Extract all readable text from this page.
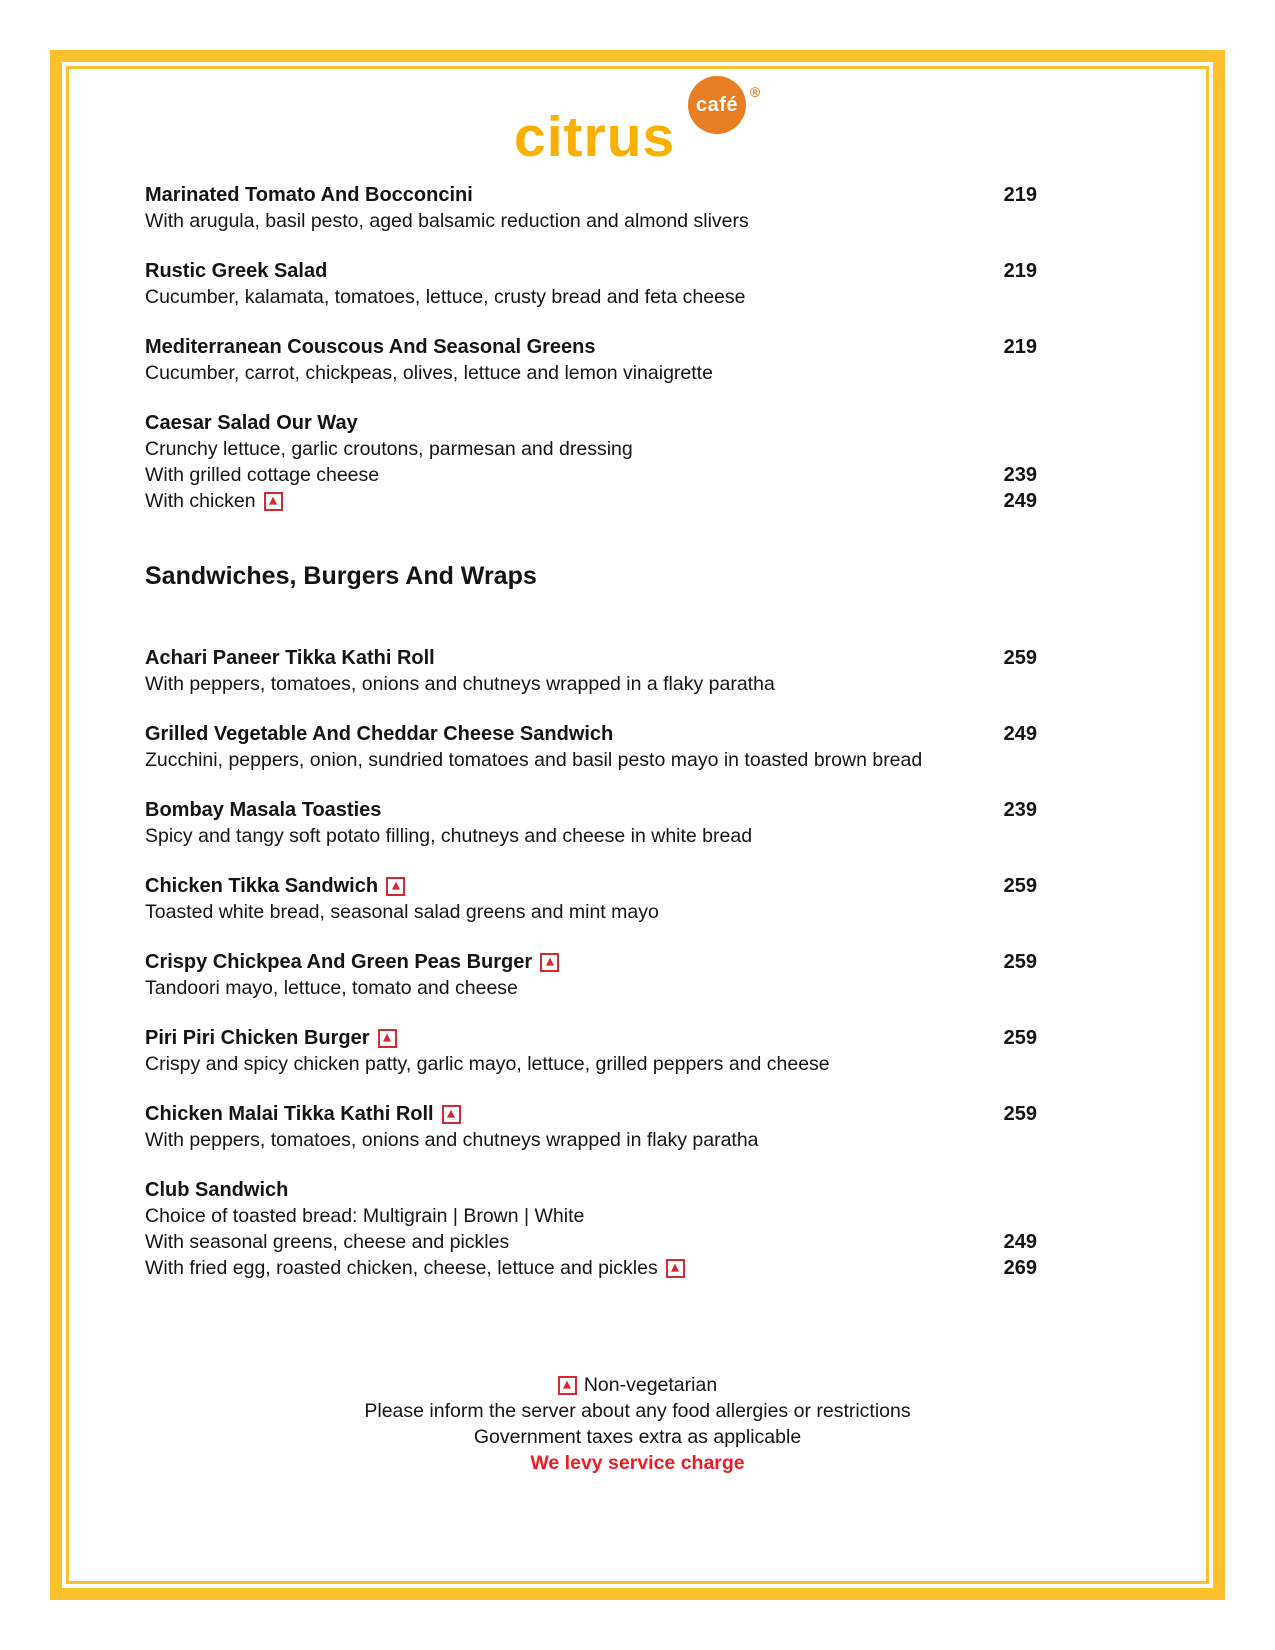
café
citrus
®
Marinated Tomato And Bocconcini	219
With arugula, basil pesto, aged balsamic reduction and almond slivers
Rustic Greek Salad	219
Cucumber, kalamata, tomatoes, lettuce, crusty bread and feta cheese
Mediterranean Couscous And Seasonal Greens	219
Cucumber, carrot, chickpeas, olives, lettuce and lemon vinaigrette
Caesar Salad Our Way
Crunchy lettuce, garlic croutons, parmesan and dressing
With grilled cottage cheese	239
With chicken	249
Sandwiches, Burgers And Wraps
Achari Paneer Tikka Kathi Roll	259
With peppers, tomatoes, onions and chutneys wrapped in a flaky paratha
Grilled Vegetable And Cheddar Cheese Sandwich	249
Zucchini, peppers, onion, sundried tomatoes and basil pesto mayo in toasted brown bread
Bombay Masala Toasties	239
Spicy and tangy soft potato filling, chutneys and cheese in white bread
Chicken Tikka Sandwich	259
Toasted white bread, seasonal salad greens and mint mayo
Crispy Chickpea And Green Peas Burger	259
Tandoori mayo, lettuce, tomato and cheese
Piri Piri Chicken Burger	259
Crispy and spicy chicken patty, garlic mayo, lettuce, grilled peppers and cheese
Chicken Malai Tikka Kathi Roll	259
With peppers, tomatoes, onions and chutneys wrapped in flaky paratha
Club Sandwich
Choice of toasted bread: Multigrain | Brown | White
With seasonal greens, cheese and pickles	249
With fried egg, roasted chicken, cheese, lettuce and pickles	269
Non-vegetarian
Please inform the server about any food allergies or restrictions
Government taxes extra as applicable
We levy service charge
